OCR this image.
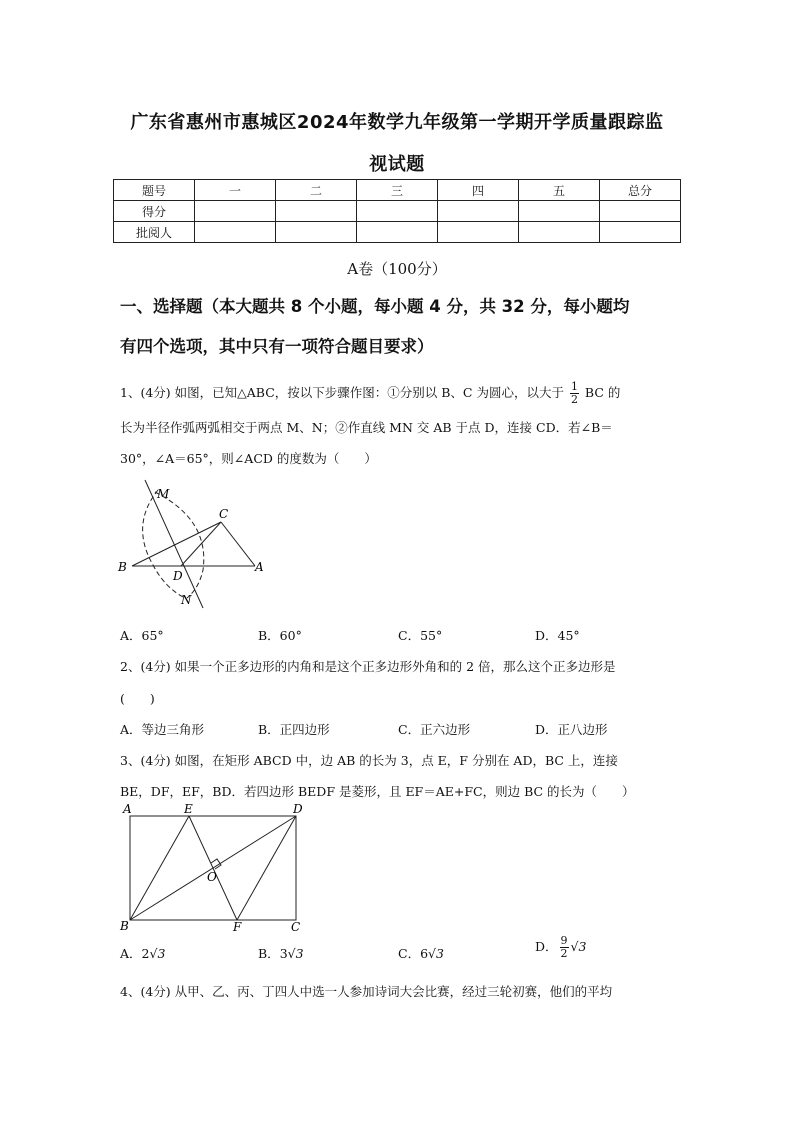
广东省惠州市惠城区2024年数学九年级第一学期开学质量跟踪监
视试题
题号	一	二	三	四	五	总分
得分						
批阅人						
A卷（100分）
一、选择题（本大题共 8 个小题，每小题 4 分，共 32 分，每小题均
有四个选项，其中只有一项符合题目要求）
1、(4分) 如图，已知△ABC，按以下步骤作图：①分别以 B、C 为圆心，以大于 $\frac{1}{2}$ BC 的
长为半径作弧两弧相交于两点 M、N；②作直线 MN 交 AB 于点 D，连接 CD．若∠B＝
30°，∠A＝65°，则∠ACD 的度数为（　　）
M
C
B
D
A
N
A．65°	B．60°	C．55°	D．45°
2、(4分) 如果一个正多边形的内角和是这个正多边形外角和的 2 倍，那么这个正多边形是
(　　)
A．等边三角形	B．正四边形	C．正六边形	D．正八边形
3、(4分) 如图，在矩形 ABCD 中，边 AB 的长为 3，点 E，F 分别在 AD，BC 上，连接
BE，DF，EF，BD．若四边形 BEDF 是菱形，且 EF＝AE+FC，则边 BC 的长为（　　）
A	E	D
O
B	F	C
A．2√3	B．3√3	C．6√3	D． $\frac{9}{2} √3$
4、(4分) 从甲、乙、丙、丁四人中选一人参加诗词大会比赛，经过三轮初赛，他们的平均
